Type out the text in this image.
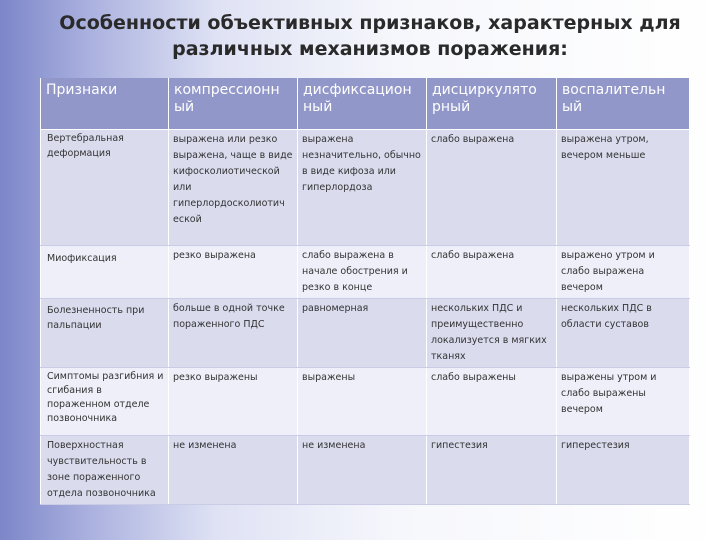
Особенности объективных признаков, характерных для
различных механизмов поражения:
Признаки	компрессионн ый	дисфиксацион ный	дисциркулято рный	воспалительн ый
Вертебральная деформация	выражена или резко выражена, чаще в виде кифосколиотической или гиперлордосколиотич еской	выражена незначительно, обычно в виде кифоза или гиперлордоза	слабо выражена	выражена утром, вечером меньше
Миофиксация	резко выражена	слабо выражена в начале обострения и резко в конце	слабо выражена	выражено утром и слабо выражена вечером
Болезненность при пальпации	больше в одной точке пораженного ПДС	равномерная	нескольких ПДС и преимущественно локализуется в мягких тканях	нескольких ПДС в области суставов
Симптомы разгибния и сгибания в пораженном отделе позвоночника	резко выражены	выражены	слабо выражены	выражены утром и слабо выражены вечером
Поверхностная чувствительность в зоне пораженного отдела позвоночника	не изменена	не изменена	гипестезия	гиперестезия
